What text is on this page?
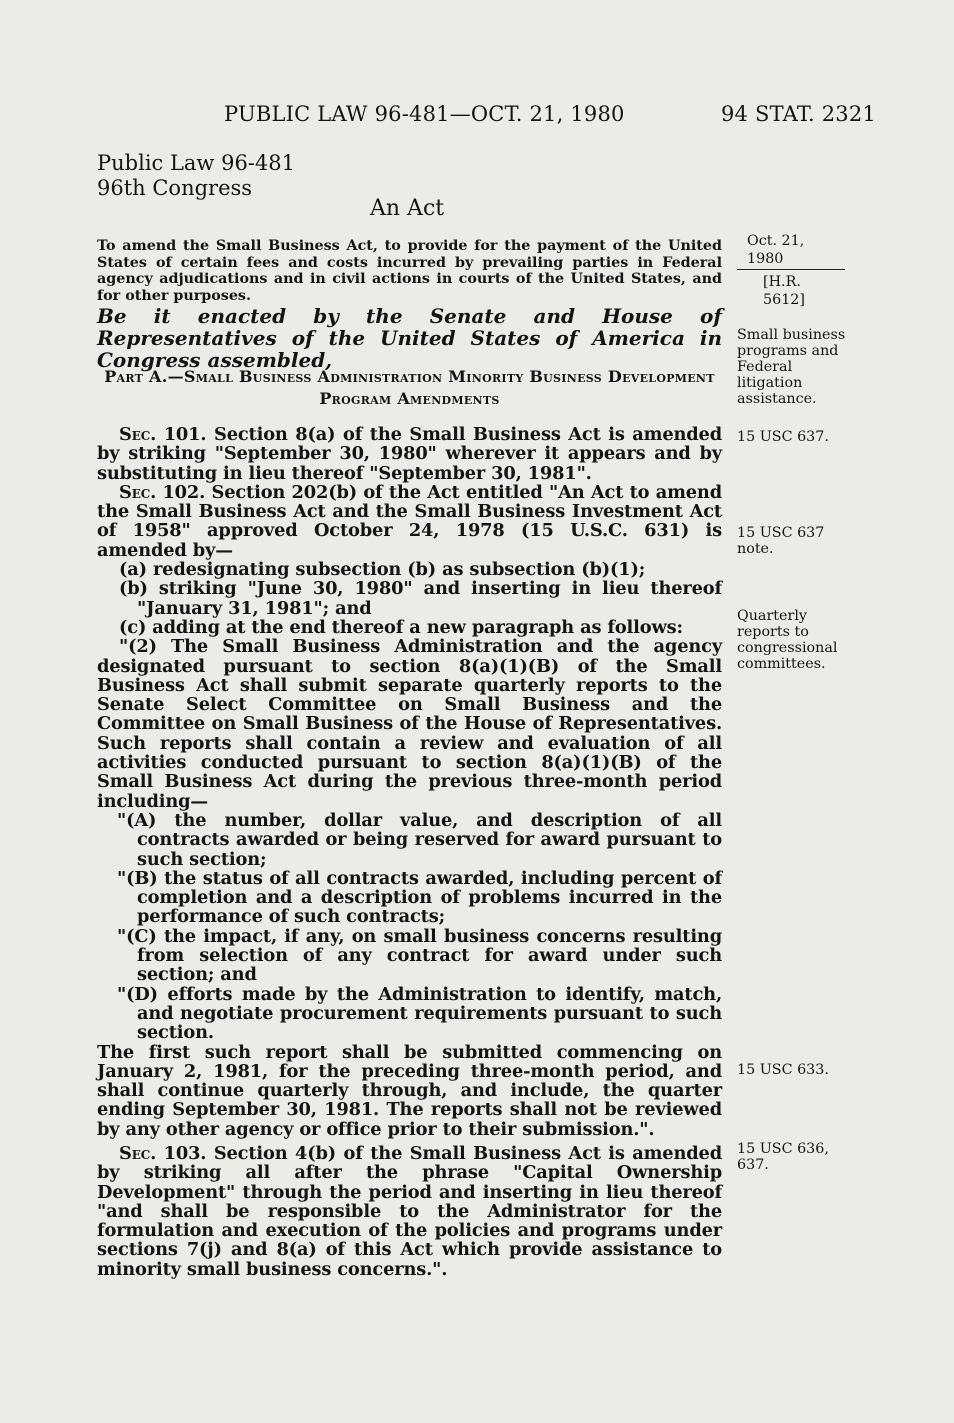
PUBLIC LAW 96-481—OCT. 21, 1980	94 STAT. 2321
Public Law 96-481
96th Congress
An Act
To amend the Small Business Act, to provide for the payment of the United States of certain fees and costs incurred by prevailing parties in Federal agency adjudications and in civil actions in courts of the United States, and for other purposes.
Oct. 21, 1980
[H.R. 5612]
Be it enacted by the Senate and House of Representatives of the United States of America in Congress assembled,
Small business programs and Federal litigation assistance.
Part A.—Small Business Administration Minority Business Development Program Amendments

Sec. 101. Section 8(a) of the Small Business Act is amended by striking "September 30, 1980" wherever it appears and by substituting in lieu thereof "September 30, 1981".

Sec. 102. Section 202(b) of the Act entitled "An Act to amend the Small Business Act and the Small Business Investment Act of 1958" approved October 24, 1978 (15 U.S.C. 631) is amended by—

(a) redesignating subsection (b) as subsection (b)(1);

(b) striking "June 30, 1980" and inserting in lieu thereof "January 31, 1981"; and

(c) adding at the end thereof a new paragraph as follows:

"(2) The Small Business Administration and the agency designated pursuant to section 8(a)(1)(B) of the Small Business Act shall submit separate quarterly reports to the Senate Select Committee on Small Business and the Committee on Small Business of the House of Representatives. Such reports shall contain a review and evaluation of all activities conducted pursuant to section 8(a)(1)(B) of the Small Business Act during the previous three-month period including—

"(A) the number, dollar value, and description of all contracts awarded or being reserved for award pursuant to such section;

"(B) the status of all contracts awarded, including percent of completion and a description of problems incurred in the performance of such contracts;

"(C) the impact, if any, on small business concerns resulting from selection of any contract for award under such section; and

"(D) efforts made by the Administration to identify, match, and negotiate procurement requirements pursuant to such section.

The first such report shall be submitted commencing on January 2, 1981, for the preceding three-month period, and shall continue quarterly through, and include, the quarter ending September 30, 1981. The reports shall not be reviewed by any other agency or office prior to their submission.".

Sec. 103. Section 4(b) of the Small Business Act is amended by striking all after the phrase "Capital Ownership Development" through the period and inserting in lieu thereof "and shall be responsible to the Administrator for the formulation and execution of the policies and programs under sections 7(j) and 8(a) of this Act which provide assistance to minority small business concerns.".

15 USC 637.
15 USC 637 note.
Quarterly reports to congressional committees.
15 USC 633.
15 USC 636, 637.
